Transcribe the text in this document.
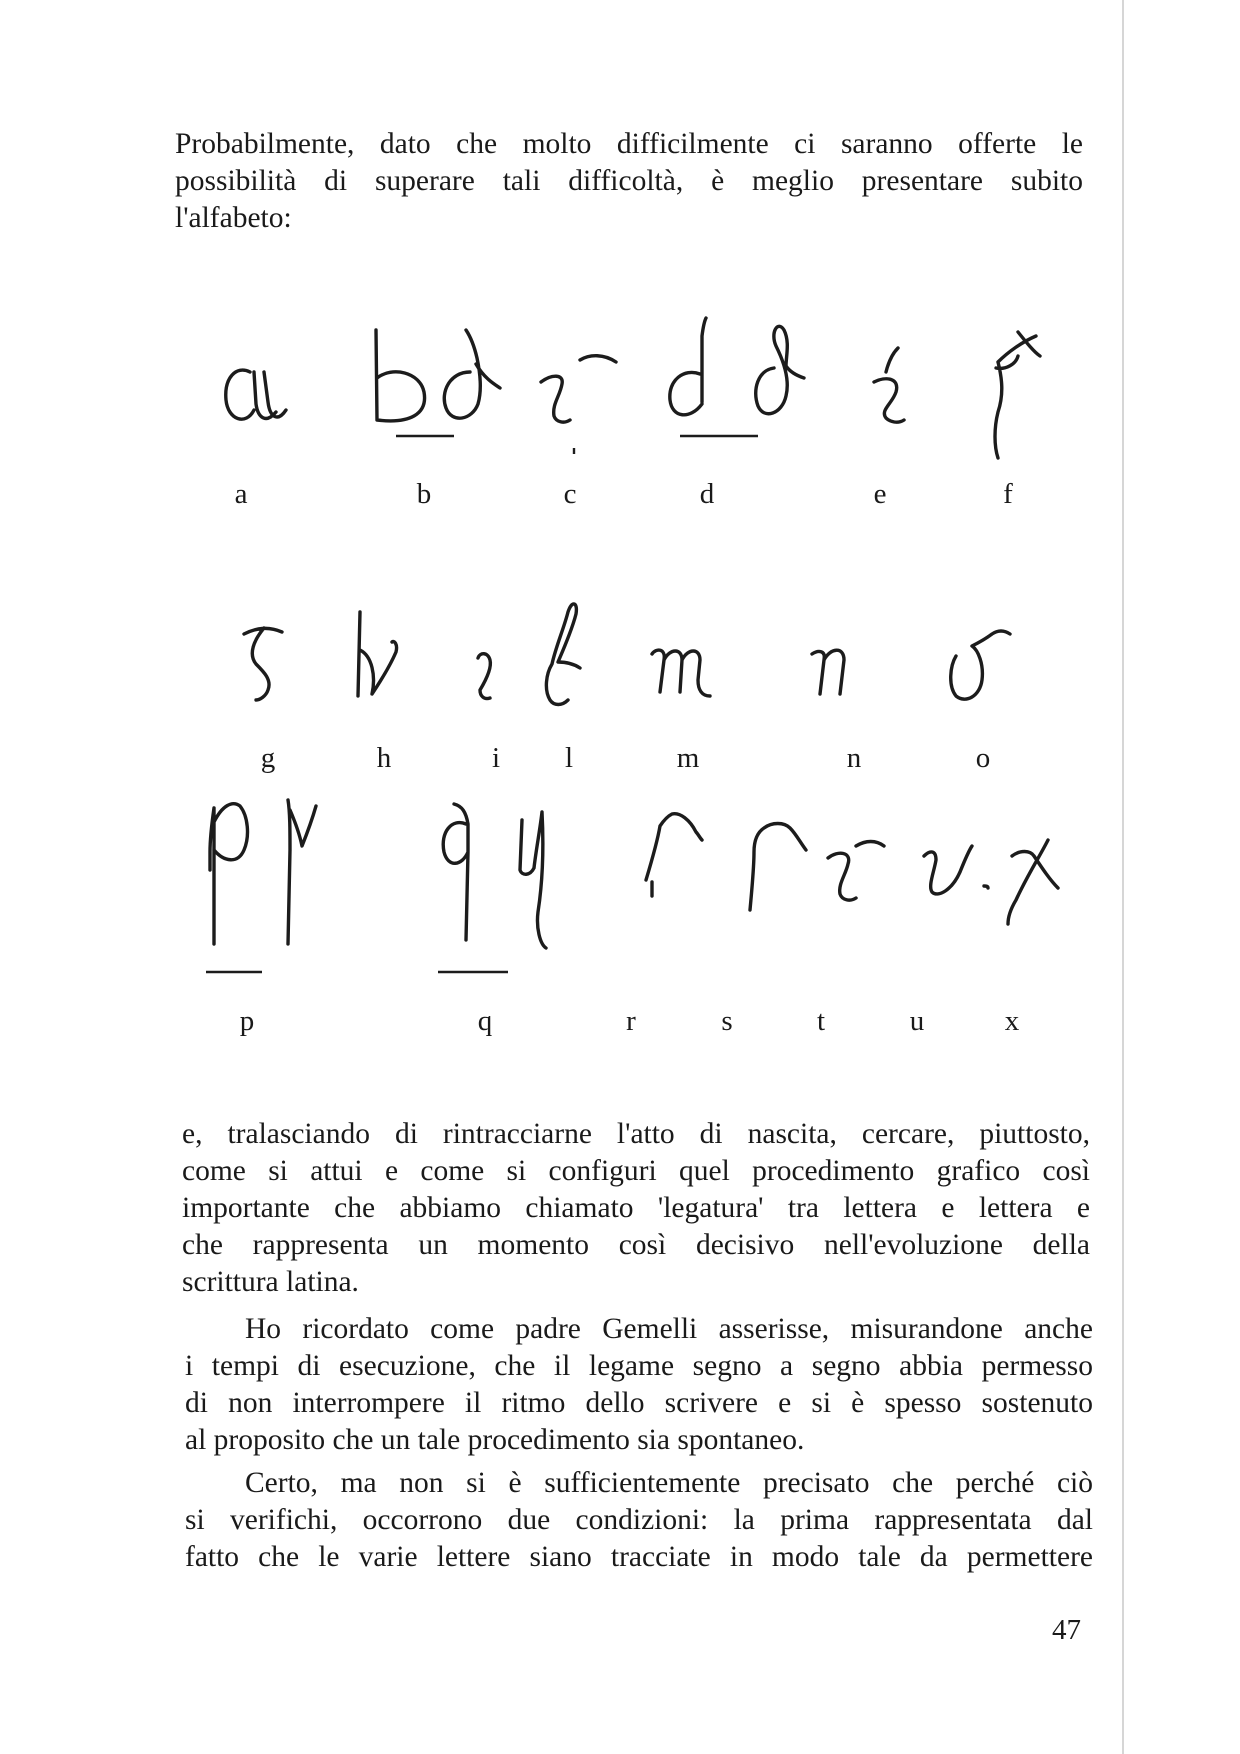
Probabilmente, dato che molto difficilmente ci saranno offerte le
possibilità di superare tali difficoltà, è meglio presentare subito
l'alfabeto:

a	b	c	d	e	f
g	h	i	l	m	n	o
p	q	r	s	t	u	x

e, tralasciando di rintracciarne l'atto di nascita, cercare, piuttosto,
come si attui e come si configuri quel procedimento grafico così
importante che abbiamo chiamato 'legatura' tra lettera e lettera e
che rappresenta un momento così decisivo nell'evoluzione della
scrittura latina.

Ho ricordato come padre Gemelli asserisse, misurandone anche
i tempi di esecuzione, che il legame segno a segno abbia permesso
di non interrompere il ritmo dello scrivere e si è spesso sostenuto
al proposito che un tale procedimento sia spontaneo.

Certo, ma non si è sufficientemente precisato che perché ciò
si verifichi, occorrono due condizioni: la prima rappresentata dal
fatto che le varie lettere siano tracciate in modo tale da permettere

47
